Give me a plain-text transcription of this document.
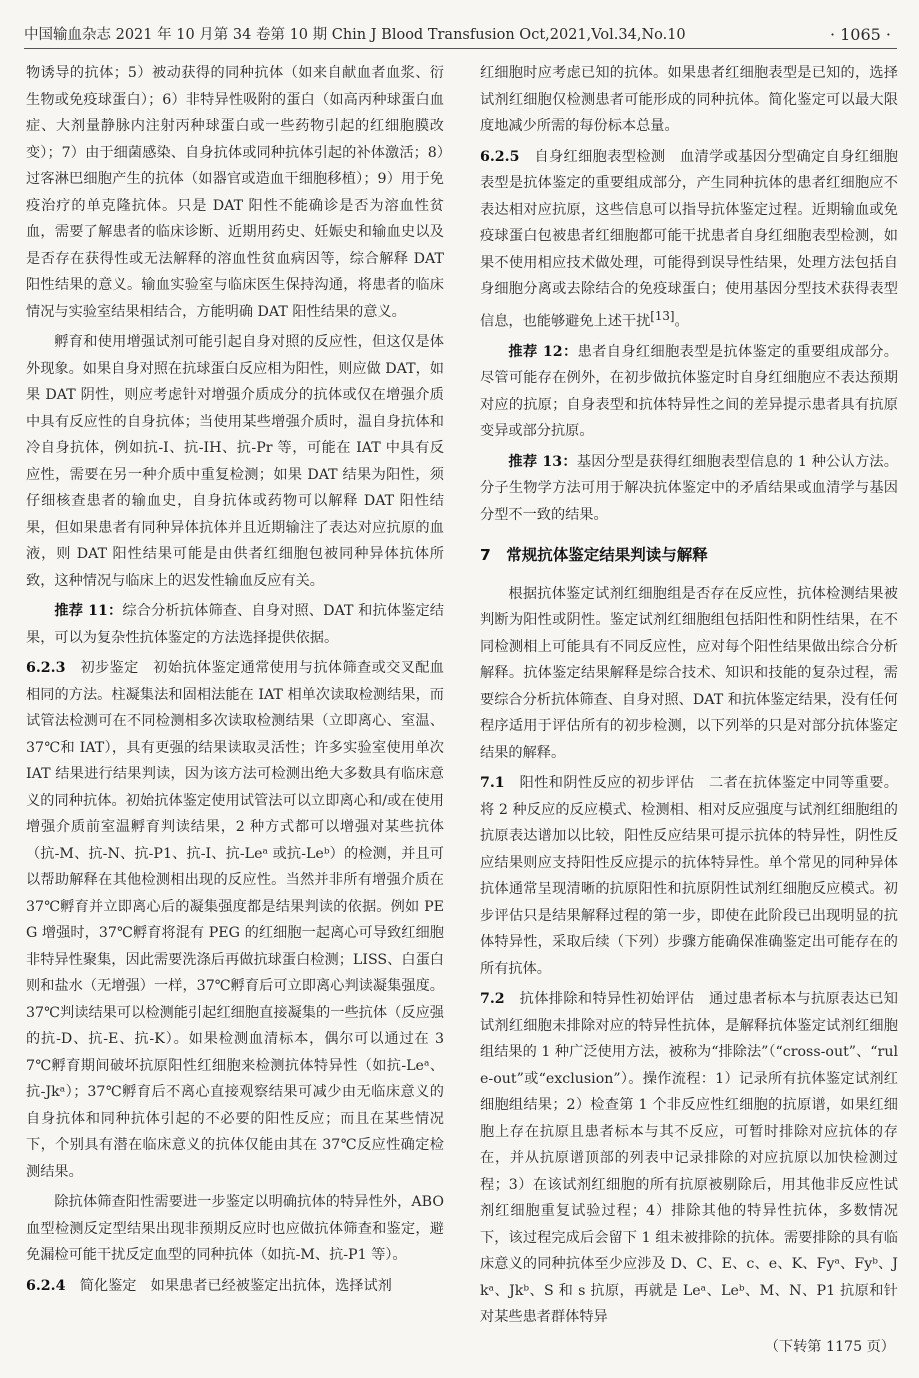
中国输血杂志 2021 年 10 月第 34 卷第 10 期 Chin J Blood Transfusion Oct,2021,Vol.34,No.10	· 1065 ·

物诱导的抗体；5）被动获得的同种抗体（如来自献血者血浆、衍生物或免疫球蛋白）；6）非特异性吸附的蛋白（如高丙种球蛋白血症、大剂量静脉内注射丙种球蛋白或一些药物引起的红细胞膜改变）；7）由于细菌感染、自身抗体或同种抗体引起的补体激活；8）过客淋巴细胞产生的抗体（如器官或造血干细胞移植）；9）用于免疫治疗的单克隆抗体。只是 DAT 阳性不能确诊是否为溶血性贫血，需要了解患者的临床诊断、近期用药史、妊娠史和输血史以及是否存在获得性或无法解释的溶血性贫血病因等，综合解释 DAT 阳性结果的意义。输血实验室与临床医生保持沟通，将患者的临床情况与实验室结果相结合，方能明确 DAT 阳性结果的意义。

孵育和使用增强试剂可能引起自身对照的反应性，但这仅是体外现象。如果自身对照在抗球蛋白反应相为阳性，则应做 DAT，如果 DAT 阴性，则应考虑针对增强介质成分的抗体或仅在增强介质中具有反应性的自身抗体；当使用某些增强介质时，温自身抗体和冷自身抗体，例如抗-I、抗-IH、抗-Pr 等，可能在 IAT 中具有反应性，需要在另一种介质中重复检测；如果 DAT 结果为阳性，须仔细核查患者的输血史，自身抗体或药物可以解释 DAT 阳性结果，但如果患者有同种异体抗体并且近期输注了表达对应抗原的血液，则 DAT 阳性结果可能是由供者红细胞包被同种异体抗体所致，这种情况与临床上的迟发性输血反应有关。

推荐 11：综合分析抗体筛查、自身对照、DAT 和抗体鉴定结果，可以为复杂性抗体鉴定的方法选择提供依据。

6.2.3　 初步鉴定　 初始抗体鉴定通常使用与抗体筛查或交叉配血相同的方法。柱凝集法和固相法能在 IAT 相单次读取检测结果，而试管法检测可在不同检测相多次读取检测结果（立即离心、室温、37℃和 IAT），具有更强的结果读取灵活性；许多实验室使用单次 IAT 结果进行结果判读，因为该方法可检测出绝大多数具有临床意义的同种抗体。初始抗体鉴定使用试管法可以立即离心和/或在使用增强介质前室温孵育判读结果，2 种方式都可以增强对某些抗体（抗-M、抗-N、抗-P1、抗-I、抗-Leᵃ 或抗-Leᵇ）的检测，并且可以帮助解释在其他检测相出现的反应性。当然并非所有增强介质在 37℃孵育并立即离心后的凝集强度都是结果判读的依据。例如 PEG 增强时，37℃孵育将混有 PEG 的红细胞一起离心可导致红细胞非特异性聚集，因此需要洗涤后再做抗球蛋白检测；LISS、白蛋白则和盐水（无增强）一样，37℃孵育后可立即离心判读凝集强度。37℃判读结果可以检测能引起红细胞直接凝集的一些抗体（反应强的抗-D、抗-E、抗-K）。如果检测血清标本，偶尔可以通过在 37℃孵育期间破坏抗原阳性红细胞来检测抗体特异性（如抗-Leᵃ、抗-Jkᵃ）；37℃孵育后不离心直接观察结果可减少由无临床意义的自身抗体和同种抗体引起的不必要的阳性反应；而且在某些情况下，个别具有潜在临床意义的抗体仅能由其在 37℃反应性确定检测结果。

除抗体筛查阳性需要进一步鉴定以明确抗体的特异性外，ABO 血型检测反定型结果出现非预期反应时也应做抗体筛查和鉴定，避免漏检可能干扰反定血型的同种抗体（如抗-M、抗-P1 等）。

6.2.4　 简化鉴定　 如果患者已经被鉴定出抗体，选择试剂

红细胞时应考虑已知的抗体。如果患者红细胞表型是已知的，选择试剂红细胞仅检测患者可能形成的同种抗体。简化鉴定可以最大限度地减少所需的每份标本总量。

6.2.5　 自身红细胞表型检测　 血清学或基因分型确定自身红细胞表型是抗体鉴定的重要组成部分，产生同种抗体的患者红细胞应不表达相对应抗原，这些信息可以指导抗体鉴定过程。近期输血或免疫球蛋白包被患者红细胞都可能干扰患者自身红细胞表型检测，如果不使用相应技术做处理，可能得到误导性结果，处理方法包括自身细胞分离或去除结合的免疫球蛋白；使用基因分型技术获得表型信息，也能够避免上述干扰[13]。

推荐 12：患者自身红细胞表型是抗体鉴定的重要组成部分。尽管可能存在例外，在初步做抗体鉴定时自身红细胞应不表达预期对应的抗原；自身表型和抗体特异性之间的差异提示患者具有抗原变异或部分抗原。

推荐 13：基因分型是获得红细胞表型信息的 1 种公认方法。分子生物学方法可用于解决抗体鉴定中的矛盾结果或血清学与基因分型不一致的结果。

7　常规抗体鉴定结果判读与解释

根据抗体鉴定试剂红细胞组是否存在反应性，抗体检测结果被判断为阳性或阴性。鉴定试剂红细胞组包括阳性和阴性结果，在不同检测相上可能具有不同反应性，应对每个阳性结果做出综合分析解释。抗体鉴定结果解释是综合技术、知识和技能的复杂过程，需要综合分析抗体筛查、自身对照、DAT 和抗体鉴定结果，没有任何程序适用于评估所有的初步检测，以下列举的只是对部分抗体鉴定结果的解释。

7.1　 阳性和阴性反应的初步评估　 二者在抗体鉴定中同等重要。将 2 种反应的反应模式、检测相、相对反应强度与试剂红细胞组的抗原表达谱加以比较，阳性反应结果可提示抗体的特异性，阴性反应结果则应支持阳性反应提示的抗体特异性。单个常见的同种异体抗体通常呈现清晰的抗原阳性和抗原阴性试剂红细胞反应模式。初步评估只是结果解释过程的第一步，即使在此阶段已出现明显的抗体特异性，采取后续（下列）步骤方能确保准确鉴定出可能存在的所有抗体。

7.2　 抗体排除和特异性初始评估　 通过患者标本与抗原表达已知试剂红细胞未排除对应的特异性抗体，是解释抗体鉴定试剂红细胞组结果的 1 种广泛使用方法，被称为“排除法”（“cross-out”、“rule-out”或“exclusion”）。操作流程：1）记录所有抗体鉴定试剂红细胞组结果；2）检查第 1 个非反应性红细胞的抗原谱，如果红细胞上存在抗原且患者标本与其不反应，可暂时排除对应抗体的存在，并从抗原谱顶部的列表中记录排除的对应抗原以加快检测过程；3）在该试剂红细胞的所有抗原被剔除后，用其他非反应性试剂红细胞重复试验过程；4）排除其他的特异性抗体，多数情况下，该过程完成后会留下 1 组未被排除的抗体。需要排除的具有临床意义的同种抗体至少应涉及 D、C、E、c、e、K、Fyᵃ、Fyᵇ、Jkᵃ、Jkᵇ、S 和 s 抗原，再就是 Leᵃ、Leᵇ、M、N、P1 抗原和针对某些患者群体特异

（下转第 1175 页）
